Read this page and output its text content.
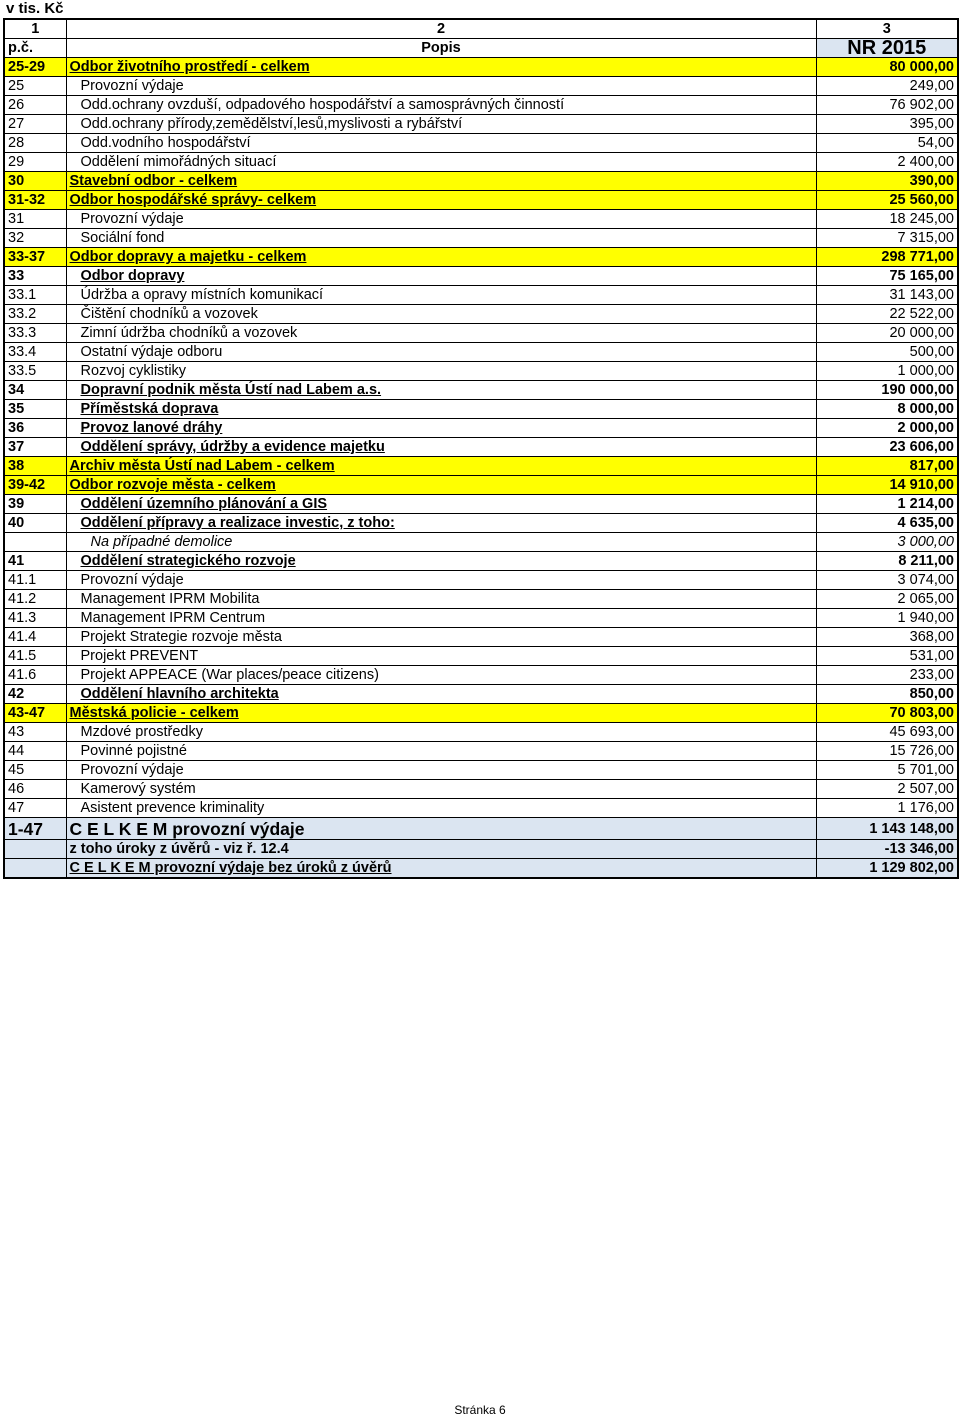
v tis. Kč
1	2	3
p.č.	Popis	NR 2015
25-29	Odbor životního prostředí - celkem	80 000,00
25	Provozní výdaje	249,00
26	Odd.ochrany ovzduší, odpadového hospodářství a samosprávných činností	76 902,00
27	Odd.ochrany přírody,zemědělství,lesů,myslivosti a rybářství	395,00
28	Odd.vodního hospodářství	54,00
29	Oddělení mimořádných situací	2 400,00
30	Stavební odbor - celkem	390,00
31-32	Odbor hospodářské správy- celkem	25 560,00
31	Provozní výdaje	18 245,00
32	Sociální fond	7 315,00
33-37	Odbor dopravy a majetku - celkem	298 771,00
33	Odbor dopravy	75 165,00
33.1	Údržba a opravy místních komunikací	31 143,00
33.2	Čištění chodníků a vozovek	22 522,00
33.3	Zimní údržba chodníků a vozovek	20 000,00
33.4	Ostatní výdaje odboru	500,00
33.5	Rozvoj cyklistiky	1 000,00
34	Dopravní podnik města Ústí nad Labem a.s.	190 000,00
35	Příměstská doprava	8 000,00
36	Provoz lanové dráhy	2 000,00
37	Oddělení správy, údržby a evidence majetku	23 606,00
38	Archiv města Ústí nad Labem - celkem	817,00
39-42	Odbor rozvoje města - celkem	14 910,00
39	Oddělení územního plánování a GIS	1 214,00
40	Oddělení přípravy a realizace investic, z toho:	4 635,00
	Na případné demolice	3 000,00
41	Oddělení strategického rozvoje	8 211,00
41.1	Provozní výdaje	3 074,00
41.2	Management IPRM Mobilita	2 065,00
41.3	Management IPRM Centrum	1 940,00
41.4	Projekt Strategie rozvoje města	368,00
41.5	Projekt PREVENT	531,00
41.6	Projekt APPEACE (War places/peace citizens)	233,00
42	Oddělení hlavního architekta	850,00
43-47	Městská policie - celkem	70 803,00
43	Mzdové prostředky	45 693,00
44	Povinné pojistné	15 726,00
45	Provozní výdaje	5 701,00
46	Kamerový systém	2 507,00
47	Asistent prevence kriminality	1 176,00
1-47	C E L K E M provozní výdaje	1 143 148,00
	z toho úroky z úvěrů - viz ř. 12.4	-13 346,00
	C E L K E M provozní výdaje bez úroků z úvěrů	1 129 802,00
Stránka 6
